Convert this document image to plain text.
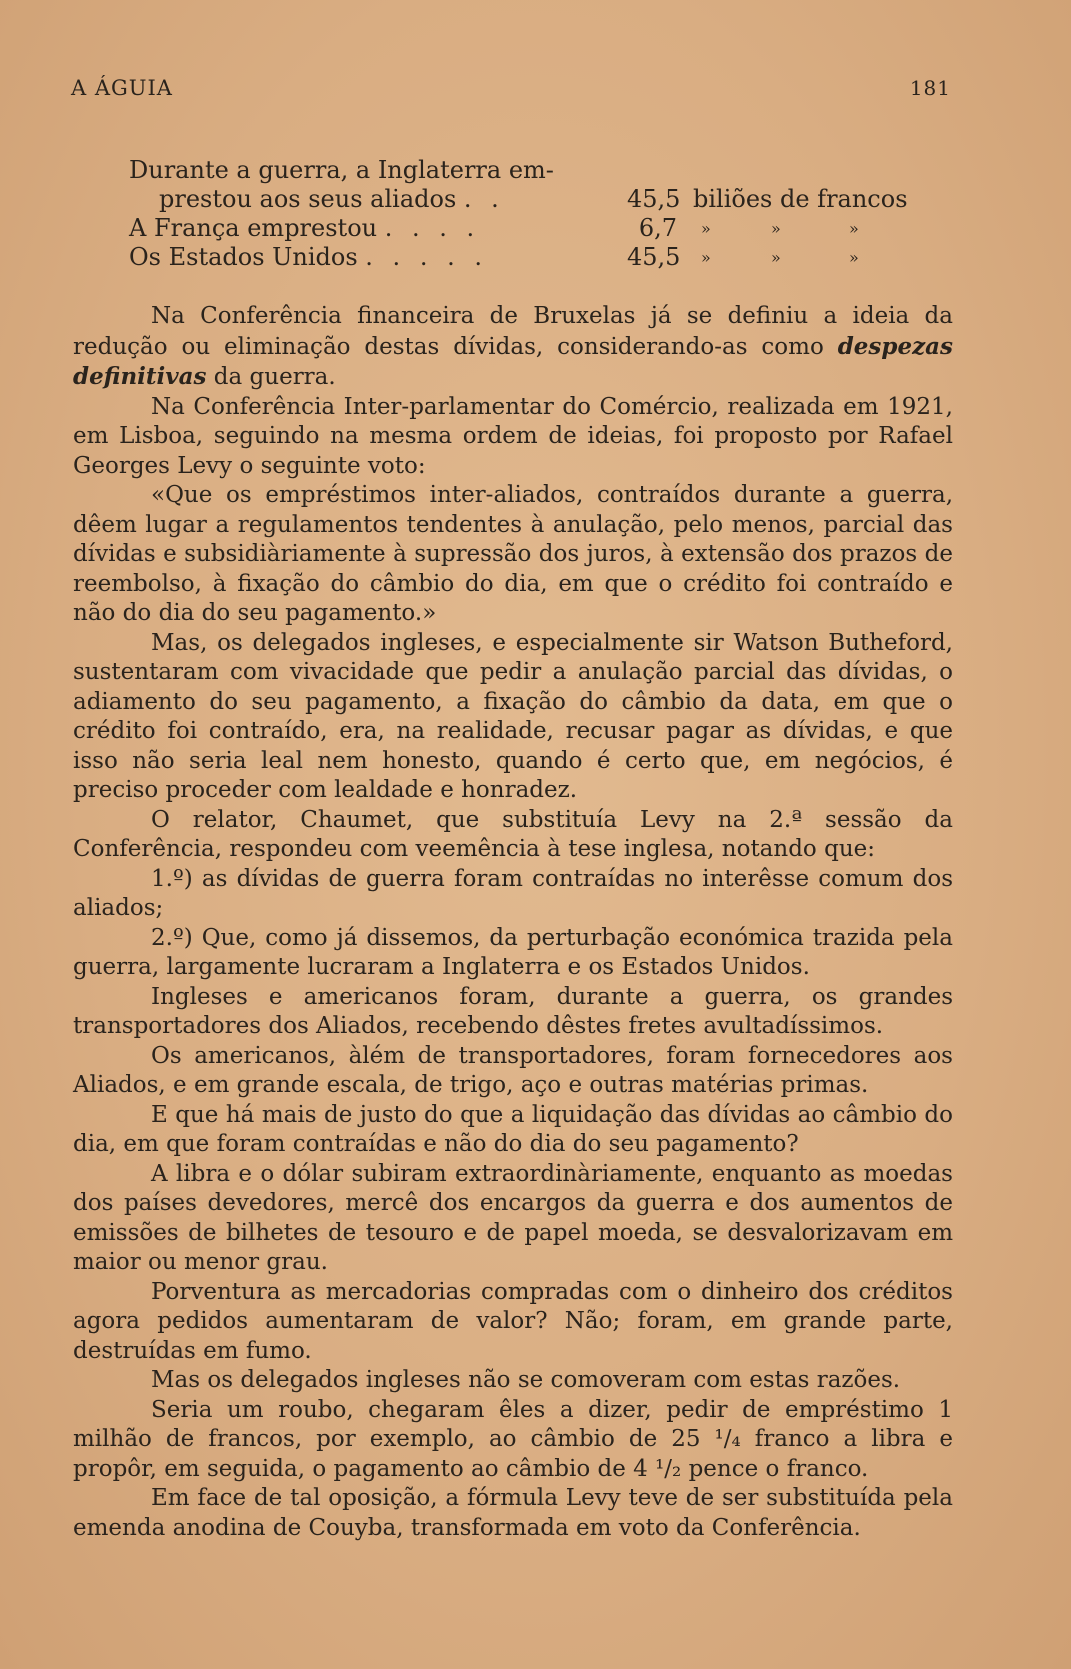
A ÁGUIA	181
Durante a guerra, a Inglaterra em-
prestou aos seus aliados . .	45,5 biliões de francos
A França emprestou . . . .	6,7 »	»	»
Os Estados Unidos . . . . .	45,5 »	»	»

Na Conferência financeira de Bruxelas já se definiu a ideia da redução ou eliminação destas dívidas, considerando-as como despezas definitivas da guerra.

Na Conferência Inter-parlamentar do Comércio, realizada em 1921, em Lisboa, seguindo na mesma ordem de ideias, foi proposto por Rafael Georges Levy o seguinte voto:

«Que os empréstimos inter-aliados, contraídos durante a guerra, dêem lugar a regulamentos tendentes à anulação, pelo menos, parcial das dívidas e subsidiàriamente à supressão dos juros, à extensão dos prazos de reembolso, à fixação do câmbio do dia, em que o crédito foi contraído e não do dia do seu pagamento.»

Mas, os delegados ingleses, e especialmente sir Watson Butheford, sustentaram com vivacidade que pedir a anulação parcial das dívidas, o adiamento do seu pagamento, a fixação do câmbio da data, em que o crédito foi contraído, era, na realidade, recusar pagar as dívidas, e que isso não seria leal nem honesto, quando é certo que, em negócios, é preciso proceder com lealdade e honradez.

O relator, Chaumet, que substituía Levy na 2.ª sessão da Conferência, respondeu com veemência à tese inglesa, notando que:

1.º) as dívidas de guerra foram contraídas no interêsse comum dos aliados;

2.º) Que, como já dissemos, da perturbação económica trazida pela guerra, largamente lucraram a Inglaterra e os Estados Unidos.

Ingleses e americanos foram, durante a guerra, os grandes transportadores dos Aliados, recebendo dêstes fretes avultadíssimos.

Os americanos, àlém de transportadores, foram fornecedores aos Aliados, e em grande escala, de trigo, aço e outras matérias primas.

E que há mais de justo do que a liquidação das dívidas ao câmbio do dia, em que foram contraídas e não do dia do seu pagamento?

A libra e o dólar subiram extraordinàriamente, enquanto as moedas dos países devedores, mercê dos encargos da guerra e dos aumentos de emissões de bilhetes de tesouro e de papel moeda, se desvalorizavam em maior ou menor grau.

Porventura as mercadorias compradas com o dinheiro dos créditos agora pedidos aumentaram de valor? Não; foram, em grande parte, destruídas em fumo.

Mas os delegados ingleses não se comoveram com estas razões.

Seria um roubo, chegaram êles a dizer, pedir de empréstimo 1 milhão de francos, por exemplo, ao câmbio de 25 ¹/₄ franco a libra e propôr, em seguida, o pagamento ao câmbio de 4 ¹/₂ pence o franco.

Em face de tal oposição, a fórmula Levy teve de ser substituída pela emenda anodina de Couyba, transformada em voto da Conferência.
